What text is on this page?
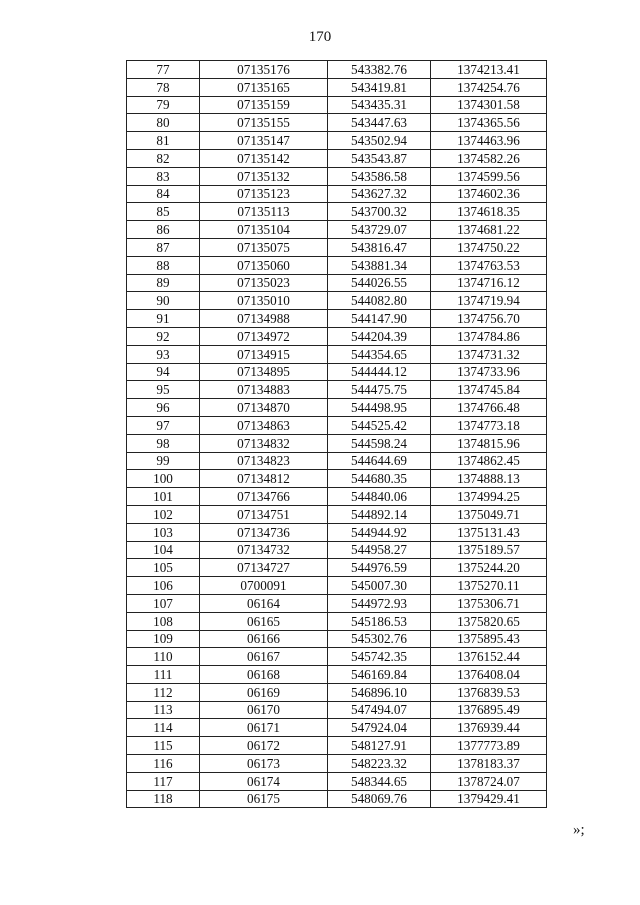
170
77	07135176	543382.76	1374213.41
78	07135165	543419.81	1374254.76
79	07135159	543435.31	1374301.58
80	07135155	543447.63	1374365.56
81	07135147	543502.94	1374463.96
82	07135142	543543.87	1374582.26
83	07135132	543586.58	1374599.56
84	07135123	543627.32	1374602.36
85	07135113	543700.32	1374618.35
86	07135104	543729.07	1374681.22
87	07135075	543816.47	1374750.22
88	07135060	543881.34	1374763.53
89	07135023	544026.55	1374716.12
90	07135010	544082.80	1374719.94
91	07134988	544147.90	1374756.70
92	07134972	544204.39	1374784.86
93	07134915	544354.65	1374731.32
94	07134895	544444.12	1374733.96
95	07134883	544475.75	1374745.84
96	07134870	544498.95	1374766.48
97	07134863	544525.42	1374773.18
98	07134832	544598.24	1374815.96
99	07134823	544644.69	1374862.45
100	07134812	544680.35	1374888.13
101	07134766	544840.06	1374994.25
102	07134751	544892.14	1375049.71
103	07134736	544944.92	1375131.43
104	07134732	544958.27	1375189.57
105	07134727	544976.59	1375244.20
106	0700091	545007.30	1375270.11
107	06164	544972.93	1375306.71
108	06165	545186.53	1375820.65
109	06166	545302.76	1375895.43
110	06167	545742.35	1376152.44
111	06168	546169.84	1376408.04
112	06169	546896.10	1376839.53
113	06170	547494.07	1376895.49
114	06171	547924.04	1376939.44
115	06172	548127.91	1377773.89
116	06173	548223.32	1378183.37
117	06174	548344.65	1378724.07
118	06175	548069.76	1379429.41
»;
